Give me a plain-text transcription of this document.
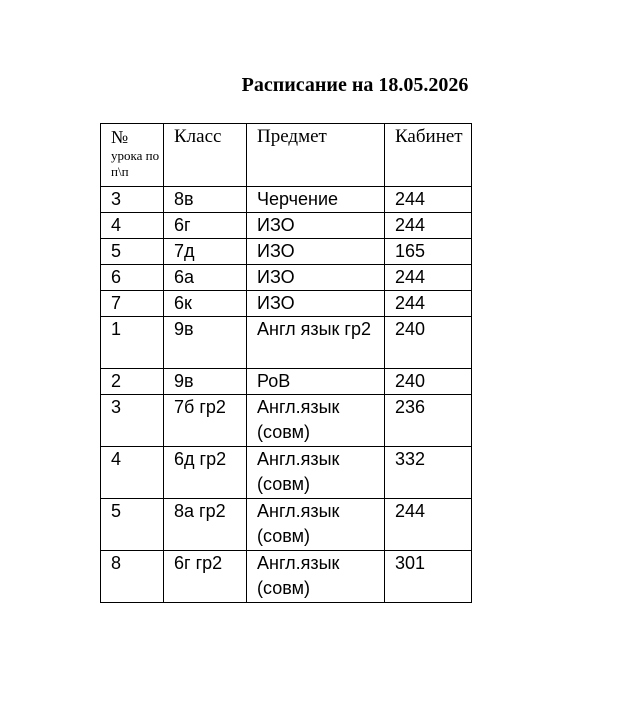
Расписание на 18.05.2026
№
урока по п\п	Класс	Предмет	Кабинет
3	8в	Черчение	244
4	6г	ИЗО	244
5	7д	ИЗО	165
6	6а	ИЗО	244
7	6к	ИЗО	244
1	9в	Англ язык гр2	240
2	9в	РоВ	240
3	7б гр2	Англ.язык (совм)	236
4	6д гр2	Англ.язык (совм)	332
5	8а гр2	Англ.язык (совм)	244
8	6г гр2	Англ.язык (совм)	301
